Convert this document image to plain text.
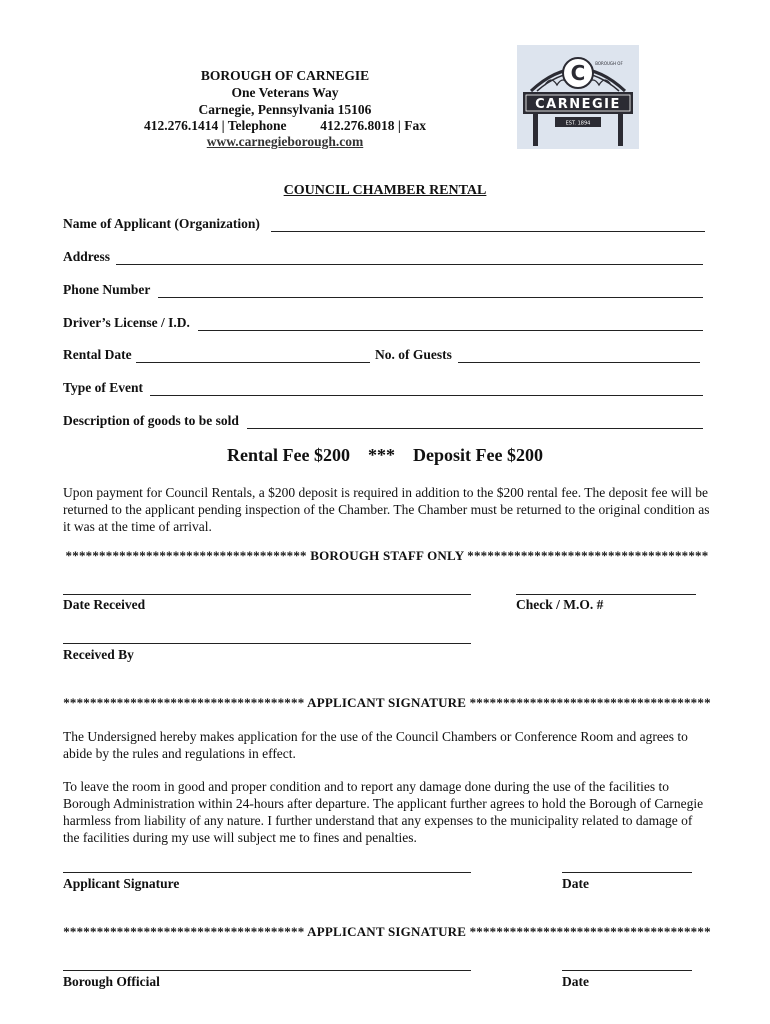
BOROUGH OF CARNEGIE
One Veterans Way
Carnegie, Pennsylvania 15106
412.276.1414 | Telephone          412.276.8018 | Fax
www.carnegieborough.com
C BOROUGH OF
CARNEGIE
EST. 1894
COUNCIL CHAMBER RENTAL
Name of Applicant (Organization)
Address
Phone Number
Driver’s License / I.D.
Rental Date	No. of Guests
Type of Event
Description of goods to be sold
Rental Fee $200    ***    Deposit Fee $200
Upon payment for Council Rentals, a $200 deposit is required in addition to the $200 rental fee. The deposit fee will be returned to the applicant pending inspection of the Chamber. The Chamber must be returned to the original condition as it was at the time of arrival.
************************************ BOROUGH STAFF ONLY ************************************
Date Received	Check / M.O. #
Received By
************************************ APPLICANT SIGNATURE ************************************
The Undersigned hereby makes application for the use of the Council Chambers or Conference Room and agrees to abide by the rules and regulations in effect.
To leave the room in good and proper condition and to report any damage done during the use of the facilities to Borough Administration within 24-hours after departure. The applicant further agrees to hold the Borough of Carnegie harmless from liability of any nature. I further understand that any expenses to the municipality related to damage of the facilities during my use will subject me to fines and penalties.
Applicant Signature	Date
************************************ APPLICANT SIGNATURE ************************************
Borough Official	Date
